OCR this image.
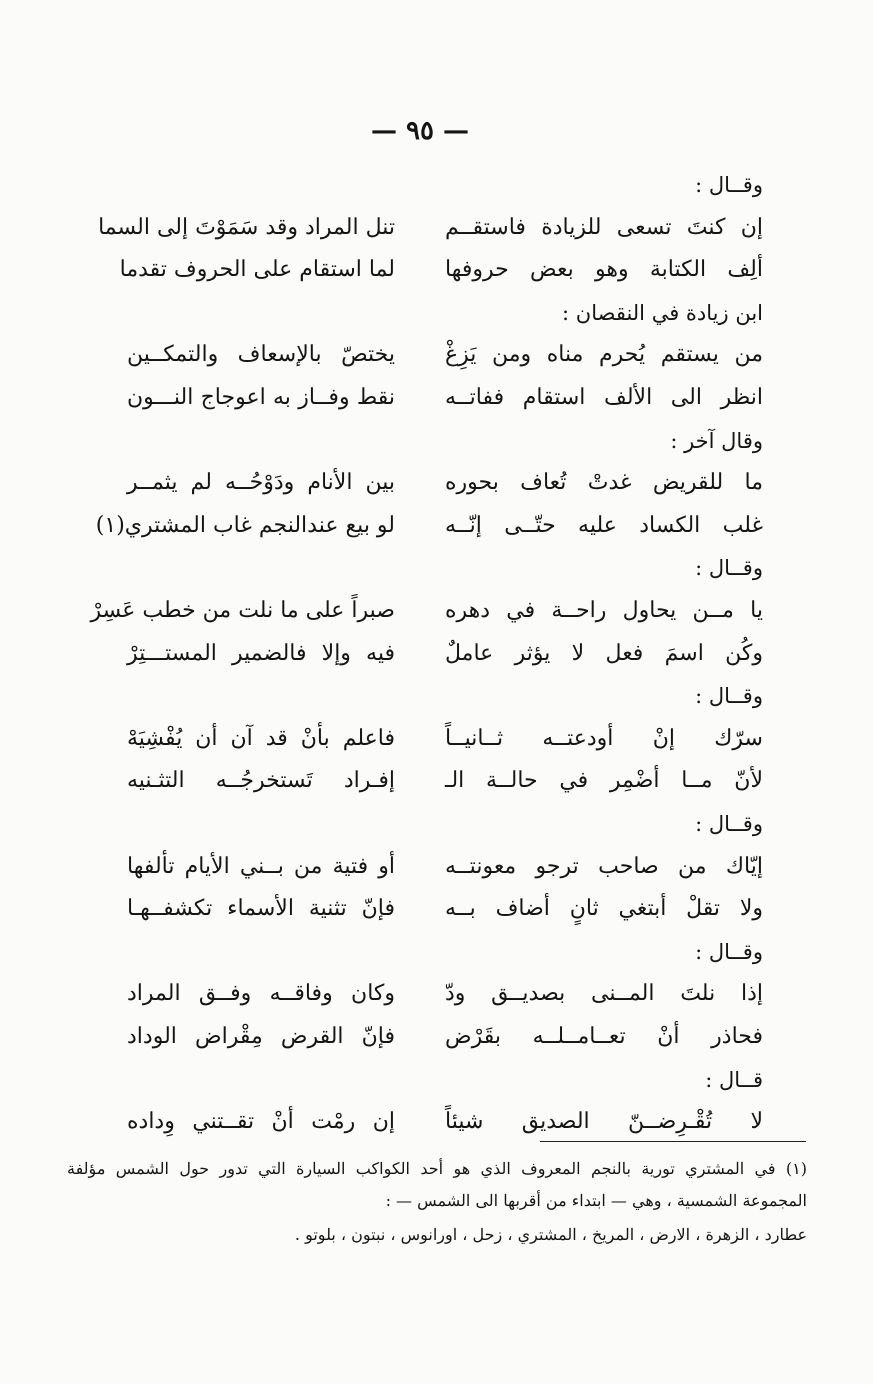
— ٩٥ —
وقــال :
إن كنتَ تسعى للزيادة فاستقــم
تنل المراد وقد سَمَوْتَ إلى السما
ألِف الكتابة وهو بعض حروفها
لما استقام على الحروف تقدما
ابن زيادة في النقصان :
من يستقم يُحرم مناه ومن يَزِغْ
يختصّ بالإسعاف والتمكــين
انظر الى الألف استقام ففاتــه
نقط وفــاز به اعوجاج النـــون
وقال آخر :
ما للقريض غدتْ تُعاف بحوره
بين الأنام ودَوْحُــه لم يثمــر
غلب الكساد عليه حتّــى إنّــه
لو بيع عندالنجم غاب المشتري(١)
وقــال :
يا مــن يحاول راحــة في دهره
صبراً على ما نلت من خطب عَسِرْ
وكُن اسمَ فعل لا يؤثر عاملٌ
فيه وإلا فالضمير المستـــتِرْ
وقــال :
سرّك إنْ أودعتــه ثــانيــاً
فاعلم بأنْ قد آن أن يُفْشِيَهْ
لأنّ مــا أضْمِر في حالــة الـ
إفـراد تَستخرجُــه التثـنيه
وقــال :
إيّاك من صاحب ترجو معونتــه
أو فتية من بــني الأيام تألفها
ولا تقلْ أبتغي ثانٍ أضاف بــه
فإنّ تثنية الأسماء تكشفــهـا
وقــال :
إذا نلتَ المــنى بصديــق ودّ
وكان وفاقــه وفــق المراد
فحاذر أنْ تعــامــلــه بقَرْض
فإنّ القرض مِقْراض الوداد
قــال :
لا تُقْـرِضــنّ الصديق شيئاً
إن رمْت أنْ تقــتني وِداده
(١) في المشتري تورية بالنجم المعروف الذي هو أحد الكواكب السيارة التي تدور حول الشمس مؤلفة
المجموعة الشمسية ، وهي — ابتداء من أقربها الى الشمس — :
عطارد ، الزهرة ، الارض ، المريخ ، المشتري ، زحل ، اورانوس ، نبتون ، بلوتو .
